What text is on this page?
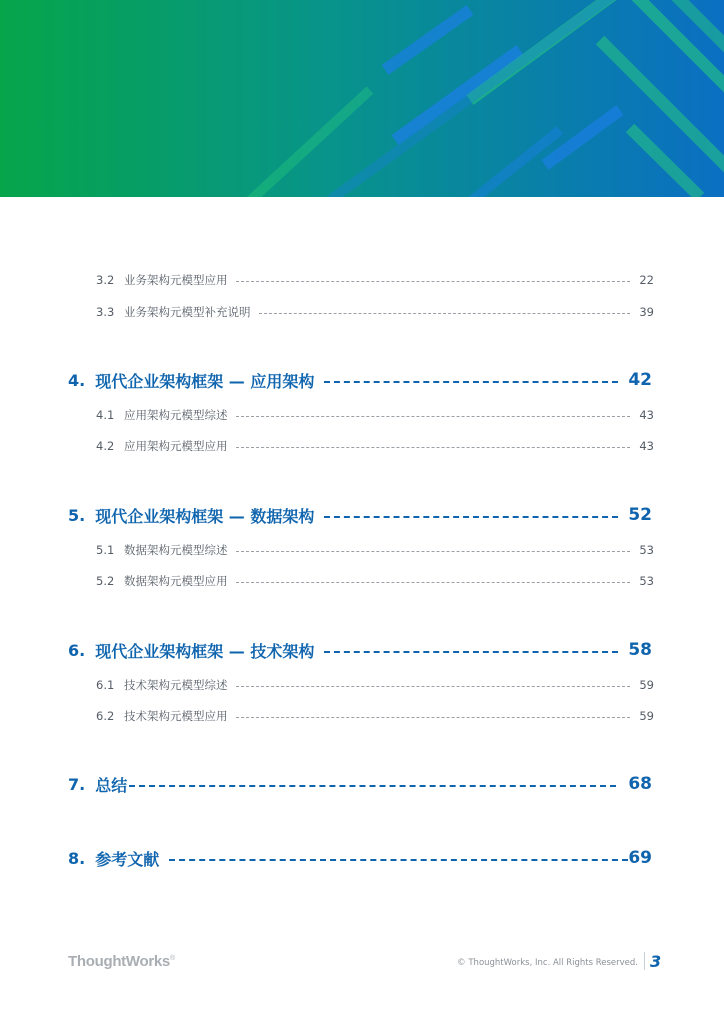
3.2 业务架构元模型应用	22
3.3 业务架构元模型补充说明	39
4. 现代企业架构框架 — 应用架构	42
4.1 应用架构元模型综述	43
4.2 应用架构元模型应用	43
5. 现代企业架构框架 — 数据架构	52
5.1 数据架构元模型综述	53
5.2 数据架构元模型应用	53
6. 现代企业架构框架 — 技术架构	58
6.1 技术架构元模型综述	59
6.2 技术架构元模型应用	59
7. 总结	68
8. 参考文献	69
ThoughtWorks®	© ThoughtWorks, Inc. All Rights Reserved. 3
